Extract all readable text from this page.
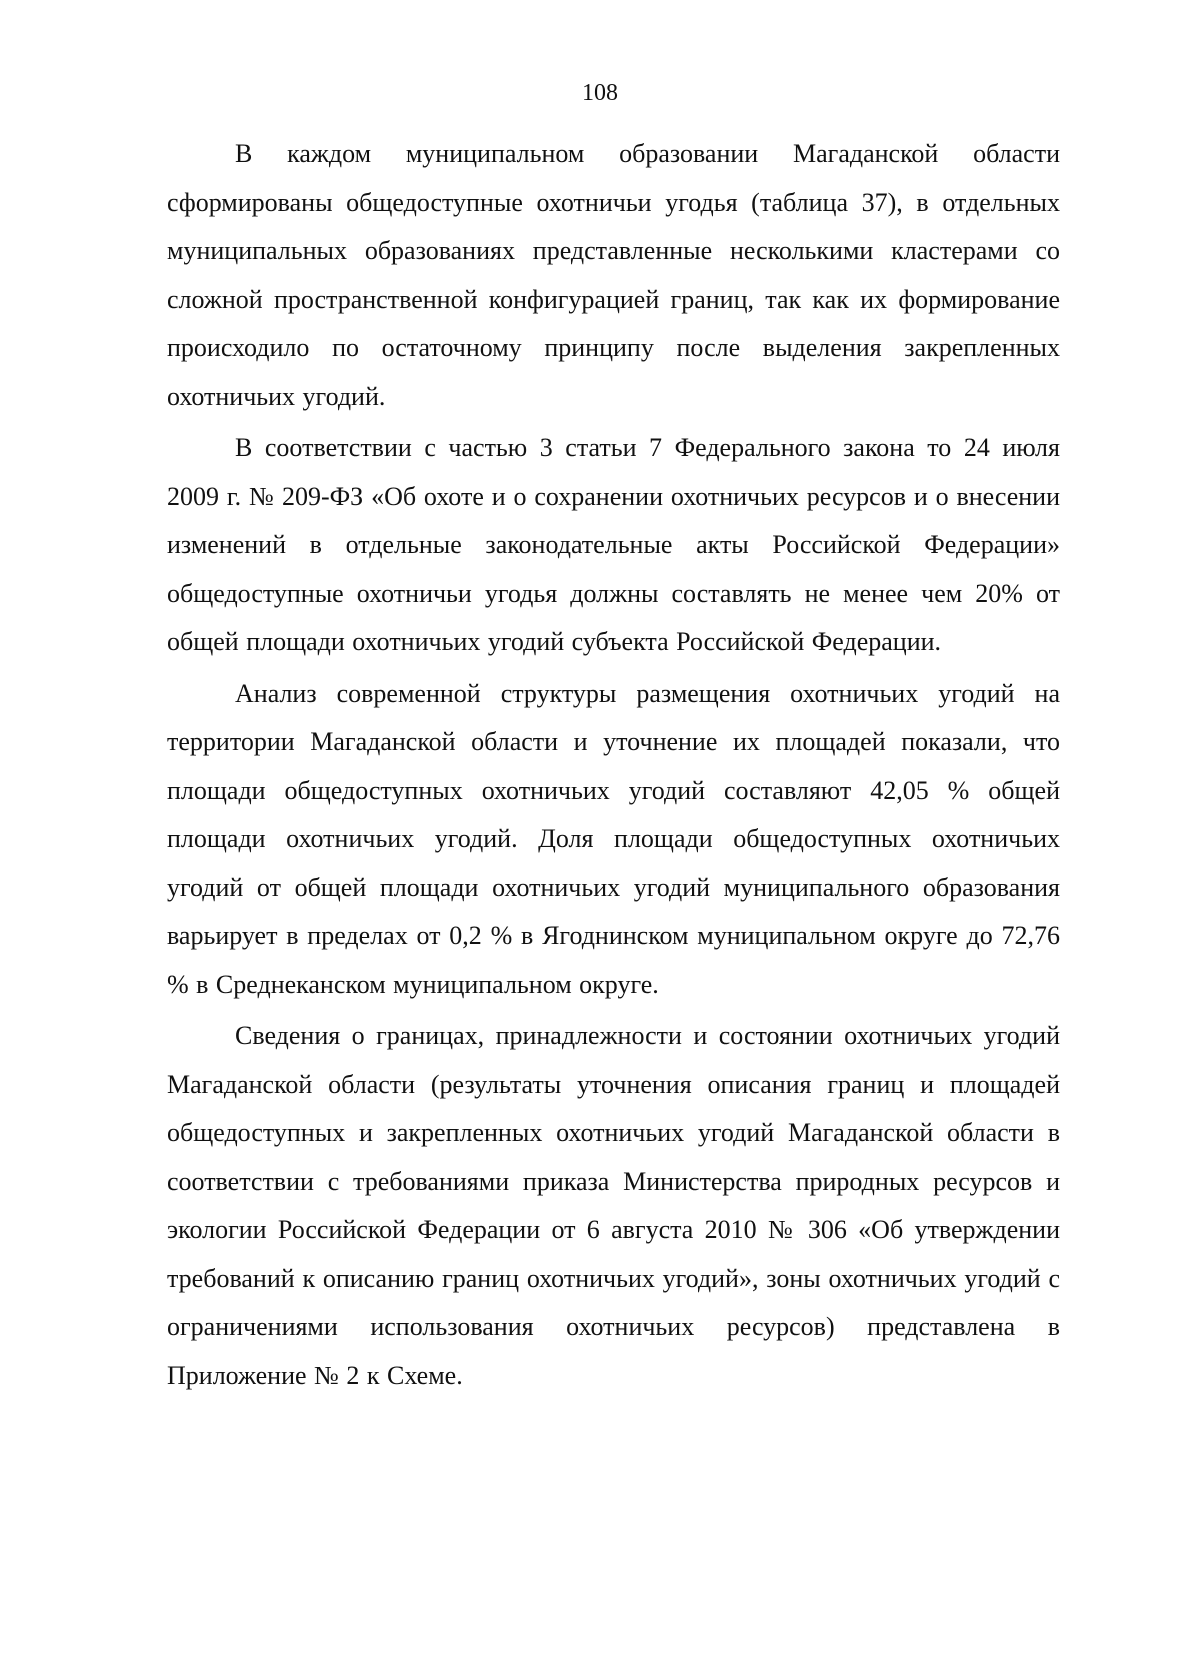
108

В каждом муниципальном образовании Магаданской области сформированы общедоступные охотничьи угодья (таблица 37), в отдельных муниципальных образованиях представленные несколькими кластерами со сложной пространственной конфигурацией границ, так как их формирование происходило по остаточному принципу после выделения закрепленных охотничьих угодий.

В соответствии с частью 3 статьи 7 Федерального закона то 24 июля 2009 г. № 209-ФЗ «Об охоте и о сохранении охотничьих ресурсов и о внесении изменений в отдельные законодательные акты Российской Федерации» общедоступные охотничьи угодья должны составлять не менее чем 20% от общей площади охотничьих угодий субъекта Российской Федерации.

Анализ современной структуры размещения охотничьих угодий на территории Магаданской области и уточнение их площадей показали, что площади общедоступных охотничьих угодий составляют 42,05 % общей площади охотничьих угодий. Доля площади общедоступных охотничьих угодий от общей площади охотничьих угодий муниципального образования варьирует в пределах от 0,2 % в Ягоднинском муниципальном округе до 72,76 % в Среднеканском муниципальном округе.

Сведения о границах, принадлежности и состоянии охотничьих угодий Магаданской области (результаты уточнения описания границ и площадей общедоступных и закрепленных охотничьих угодий Магаданской области в соответствии с требованиями приказа Министерства природных ресурсов и экологии Российской Федерации от 6 августа 2010 № 306 «Об утверждении требований к описанию границ охотничьих угодий», зоны охотничьих угодий с ограничениями использования охотничьих ресурсов) представлена в Приложение № 2 к Схеме.
